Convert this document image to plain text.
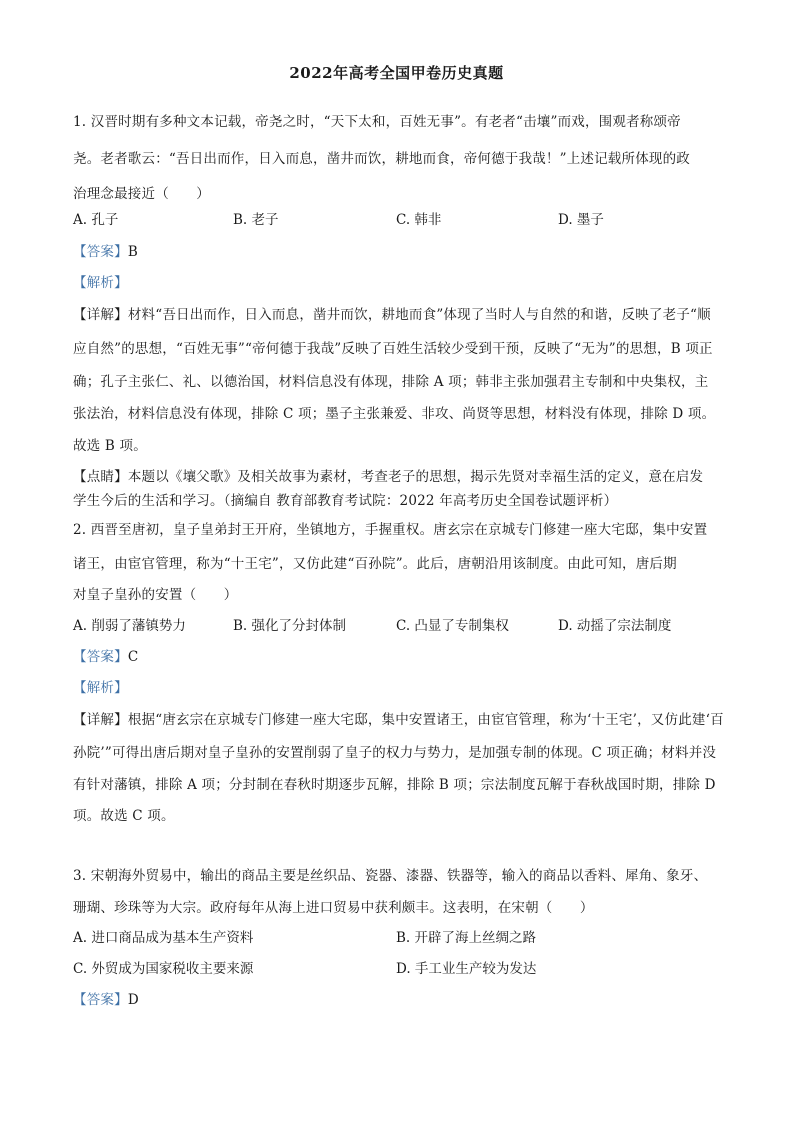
2022年高考全国甲卷历史真题
1. 汉晋时期有多种文本记载，帝尧之时，“天下太和，百姓无事”。有老者“击壤”而戏，围观者称颂帝
尧。老者歌云：“吾日出而作，日入而息，凿井而饮，耕地而食，帝何德于我哉！”上述记载所体现的政
治理念最接近（　　）
A. 孔子	B. 老子	C. 韩非	D. 墨子
【答案】B
【解析】
【详解】材料“吾日出而作，日入而息，凿井而饮，耕地而食”体现了当时人与自然的和谐，反映了老子“顺
应自然”的思想，“百姓无事”“帝何德于我哉”反映了百姓生活较少受到干预，反映了“无为”的思想，B 项正
确；孔子主张仁、礼、以德治国，材料信息没有体现，排除 A 项；韩非主张加强君主专制和中央集权，主
张法治，材料信息没有体现，排除 C 项；墨子主张兼爱、非攻、尚贤等思想，材料没有体现，排除 D 项。
故选 B 项。
【点睛】本题以《壤父歌》及相关故事为素材，考查老子的思想，揭示先贤对幸福生活的定义，意在启发
学生今后的生活和学习。（摘编自 教育部教育考试院：2022 年高考历史全国卷试题评析）
2. 西晋至唐初，皇子皇弟封王开府，坐镇地方，手握重权。唐玄宗在京城专门修建一座大宅邸，集中安置
诸王，由宦官管理，称为“十王宅”，又仿此建“百孙院”。此后，唐朝沿用该制度。由此可知，唐后期
对皇子皇孙的安置（　　）
A. 削弱了藩镇势力	B. 强化了分封体制	C. 凸显了专制集权	D. 动摇了宗法制度
【答案】C
【解析】
【详解】根据“唐玄宗在京城专门修建一座大宅邸，集中安置诸王，由宦官管理，称为‘十王宅’，又仿此建‘百
孙院’”可得出唐后期对皇子皇孙的安置削弱了皇子的权力与势力，是加强专制的体现。C 项正确；材料并没
有针对藩镇，排除 A 项；分封制在春秋时期逐步瓦解，排除 B 项；宗法制度瓦解于春秋战国时期，排除 D
项。故选 C 项。
3. 宋朝海外贸易中，输出的商品主要是丝织品、瓷器、漆器、铁器等，输入的商品以香料、犀角、象牙、
珊瑚、珍珠等为大宗。政府每年从海上进口贸易中获利颇丰。这表明，在宋朝（　　）
A. 进口商品成为基本生产资料	B. 开辟了海上丝绸之路
C. 外贸成为国家税收主要来源	D. 手工业生产较为发达
【答案】D
